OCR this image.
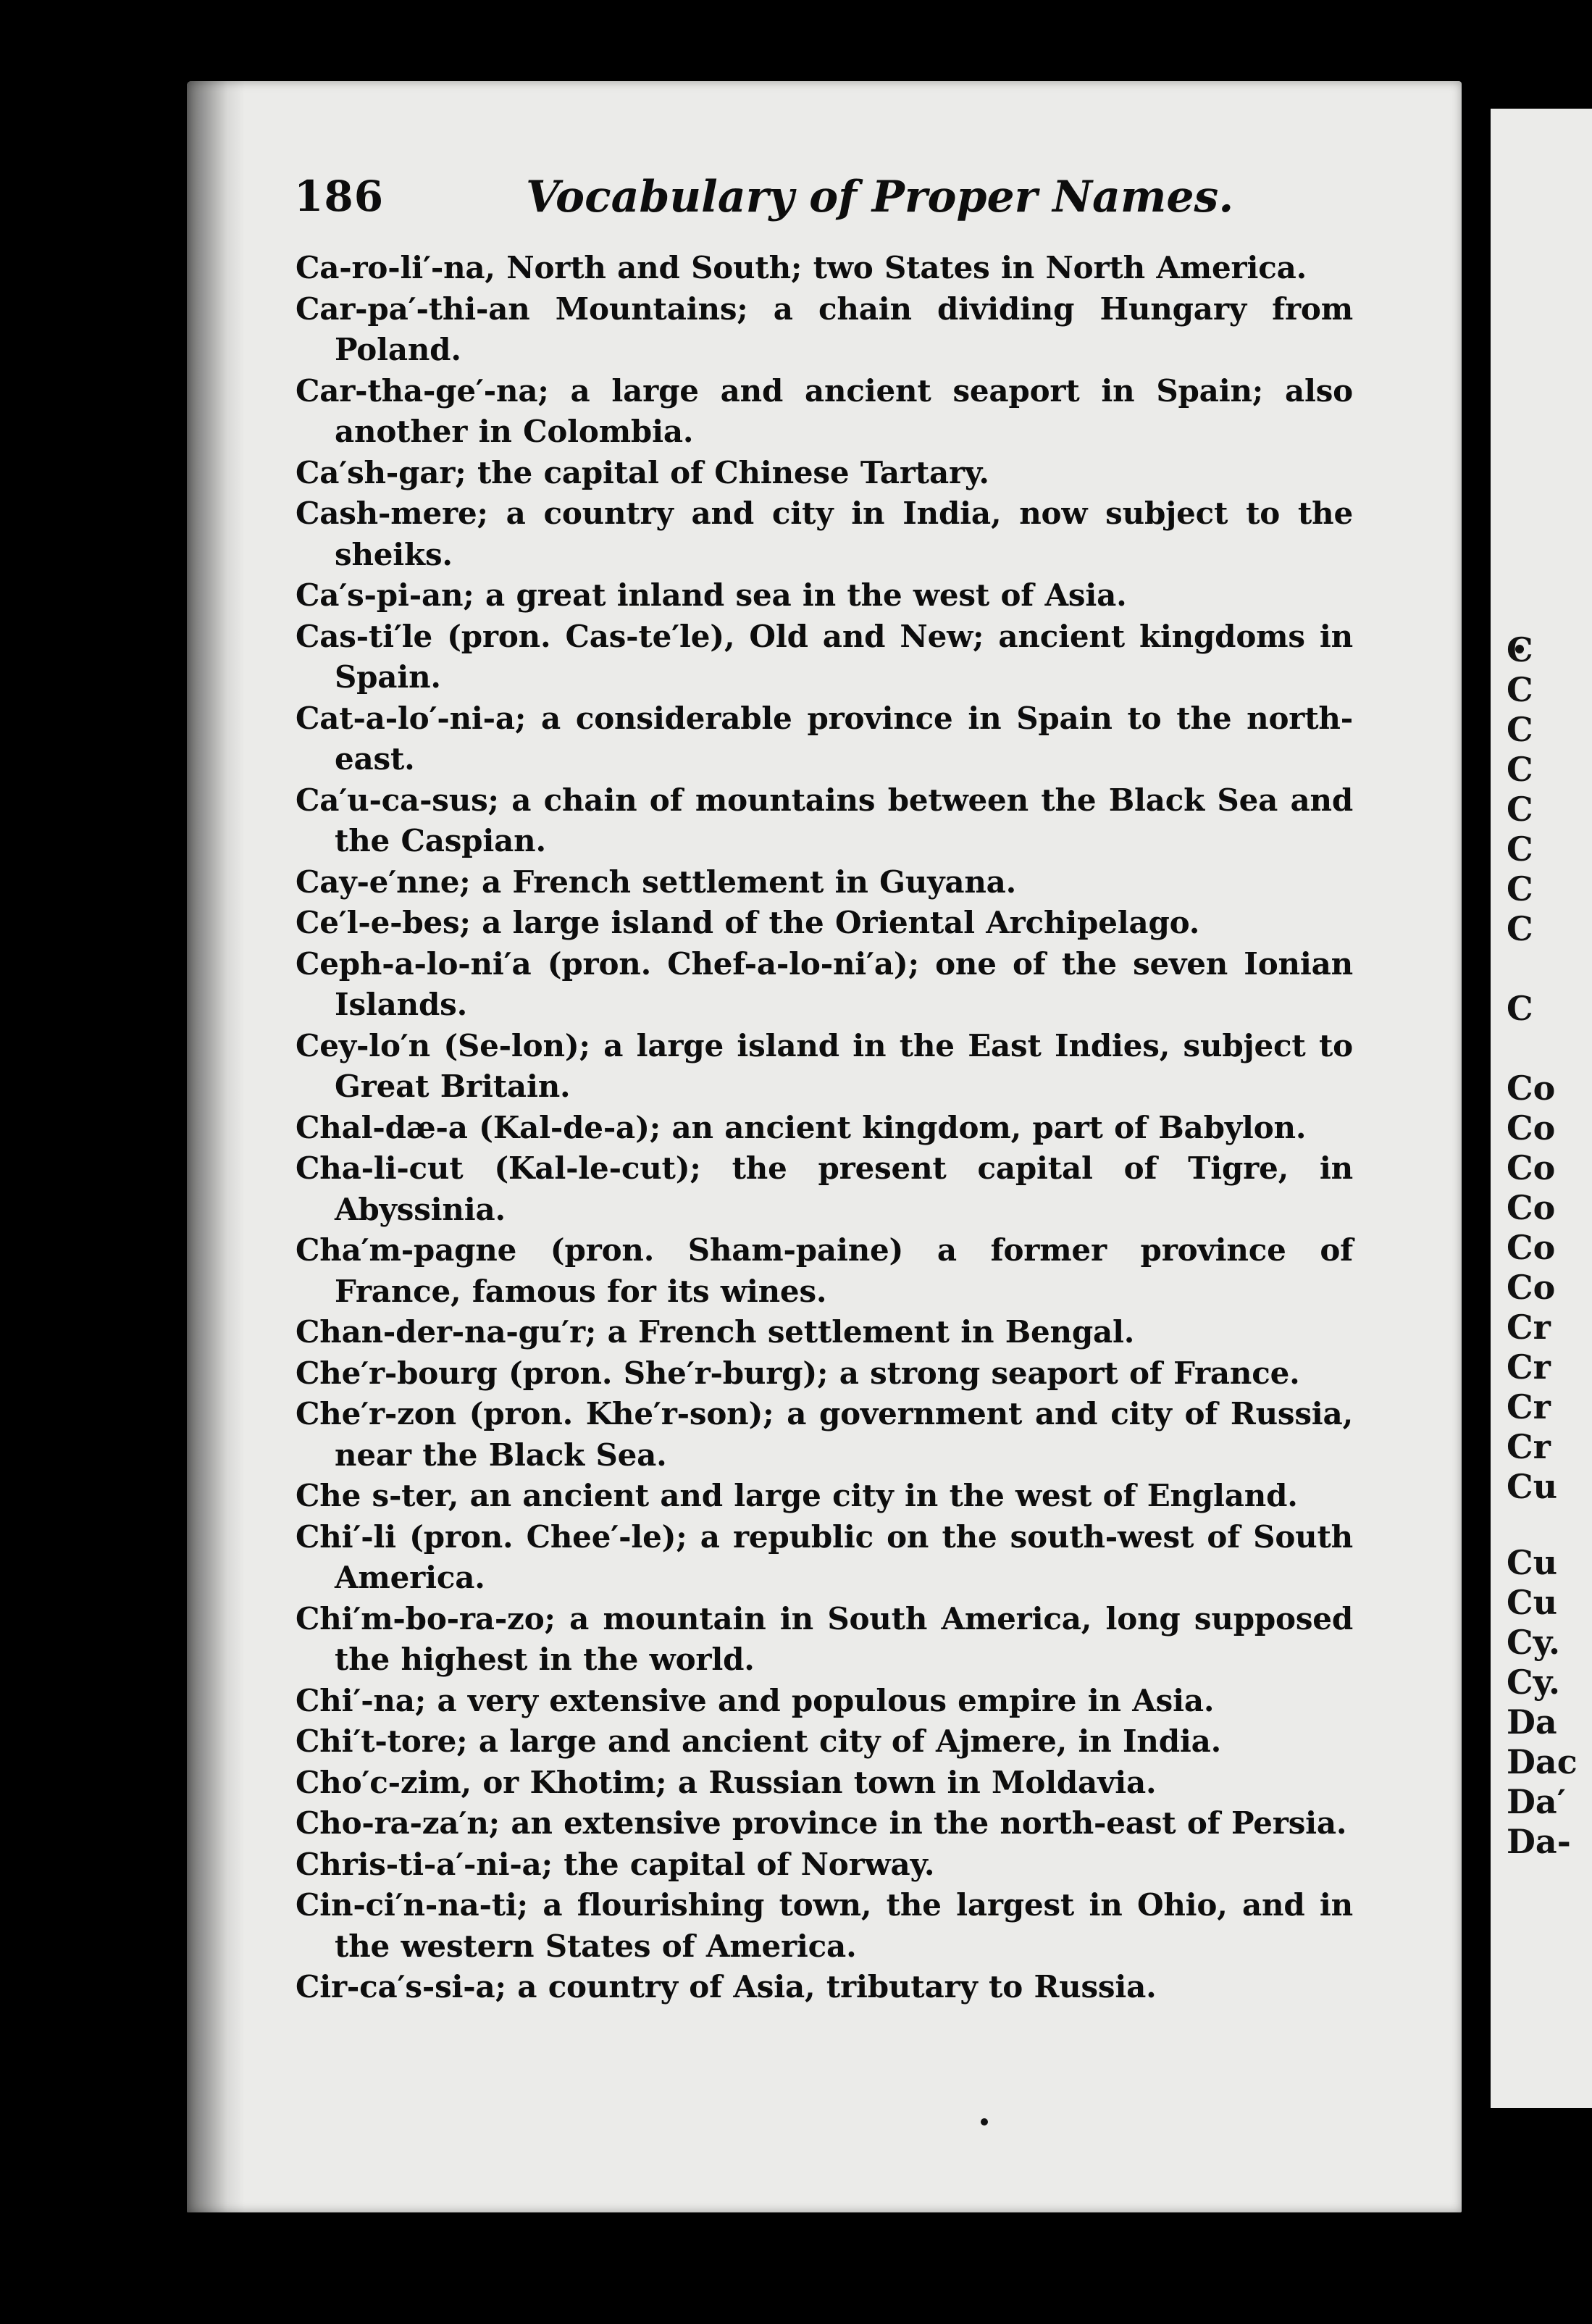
186	Vocabulary of Proper Names.
Ca-ro-li′-na, North and South; two States in North America.
Car-pa′-thi-an Mountains; a chain dividing Hungary from Poland.
Car-tha-ge′-na; a large and ancient seaport in Spain; also another in Colombia.
Ca′sh-gar; the capital of Chinese Tartary.
Cash-mere; a country and city in India, now subject to the sheiks.
Ca′s-pi-an; a great inland sea in the west of Asia.
Cas-ti′le (pron. Cas-te′le), Old and New; ancient kingdoms in Spain.
Cat-a-lo′-ni-a; a considerable province in Spain to the north-east.
Ca′u-ca-sus; a chain of mountains between the Black Sea and the Caspian.
Cay-e′nne; a French settlement in Guyana.
Ce′l-e-bes; a large island of the Oriental Archipelago.
Ceph-a-lo-ni′a (pron. Chef-a-lo-ni′a); one of the seven Ionian Islands.
Cey-lo′n (Se-lon); a large island in the East Indies, subject to Great Britain.
Chal-dæ-a (Kal-de-a); an ancient kingdom, part of Babylon.
Cha-li-cut (Kal-le-cut); the present capital of Tigre, in Abyssinia.
Cha′m-pagne (pron. Sham-paine) a former province of France, famous for its wines.
Chan-der-na-gu′r; a French settlement in Bengal.
Che′r-bourg (pron. She′r-burg); a strong seaport of France.
Che′r-zon (pron. Khe′r-son); a government and city of Russia, near the Black Sea.
Che s-ter, an ancient and large city in the west of England.
Chi′-li (pron. Chee′-le); a republic on the south-west of South America.
Chi′m-bo-ra-zo; a mountain in South America, long supposed the highest in the world.
Chi′-na; a very extensive and populous empire in Asia.
Chi′t-tore; a large and ancient city of Ajmere, in India.
Cho′c-zim, or Khotim; a Russian town in Moldavia.
Cho-ra-za′n; an extensive province in the north-east of Persia.
Chris-ti-a′-ni-a; the capital of Norway.
Cin-ci′n-na-ti; a flourishing town, the largest in Ohio, and in the western States of America.
Cir-ca′s-si-a; a country of Asia, tributary to Russia.
C
C
C
C
C
C
C
C
C
Co
Co
Co
Co
Co
Co
Cr
Cr
Cr
Cr
Cu
Cu
Cu
Cy.
Cy.
Da
Dac
Da′
Da-
